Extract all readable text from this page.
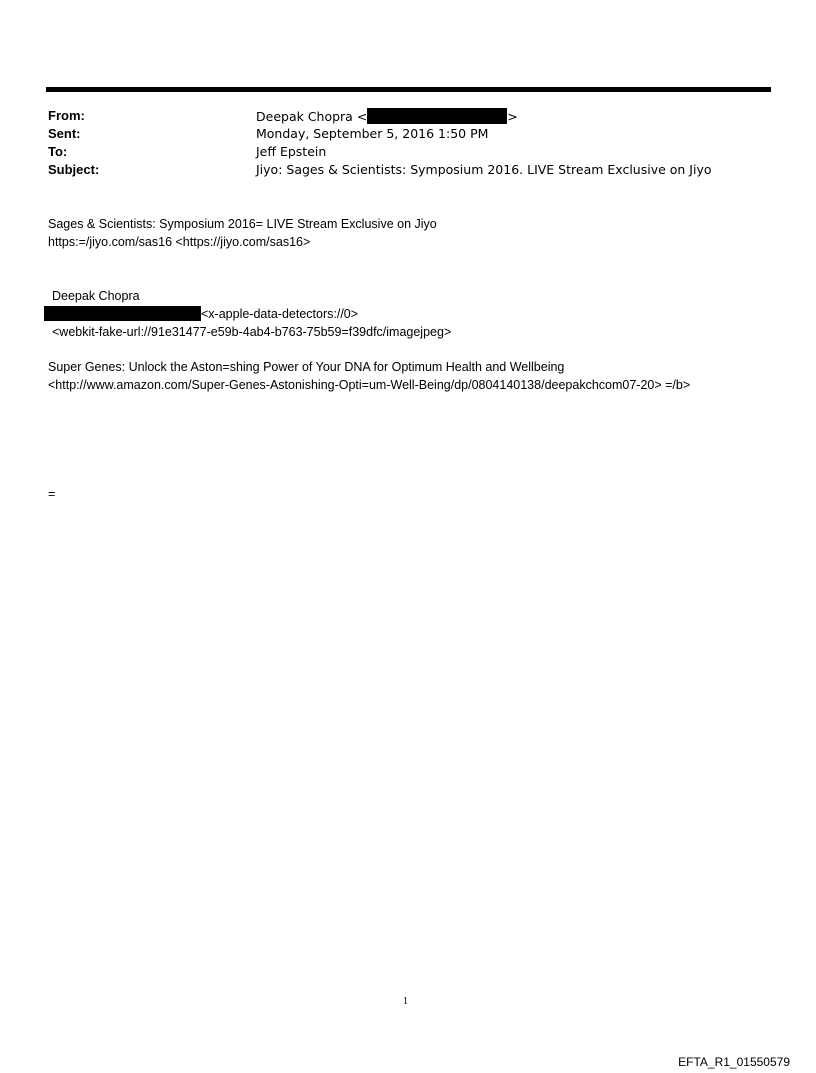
From:	Deepak Chopra <	>
Sent:	Monday, September 5, 2016 1:50 PM
To:	Jeff Epstein
Subject:	Jiyo: Sages & Scientists: Symposium 2016. LIVE Stream Exclusive on Jiyo
Sages & Scientists: Symposium 2016= LIVE Stream Exclusive on Jiyo
https:=/jiyo.com/sas16 <https://jiyo.com/sas16>
Deepak Chopra
<x-apple-data-detectors://0>
<webkit-fake-url://91e31477-e59b-4ab4-b763-75b59=f39dfc/imagejpeg>
Super Genes: Unlock the Aston=shing Power of Your DNA for Optimum Health and Wellbeing
<http://www.amazon.com/Super-Genes-Astonishing-Opti=um-Well-Being/dp/0804140138/deepakchcom07-20> =/b>
=
1
EFTA_R1_01550579
